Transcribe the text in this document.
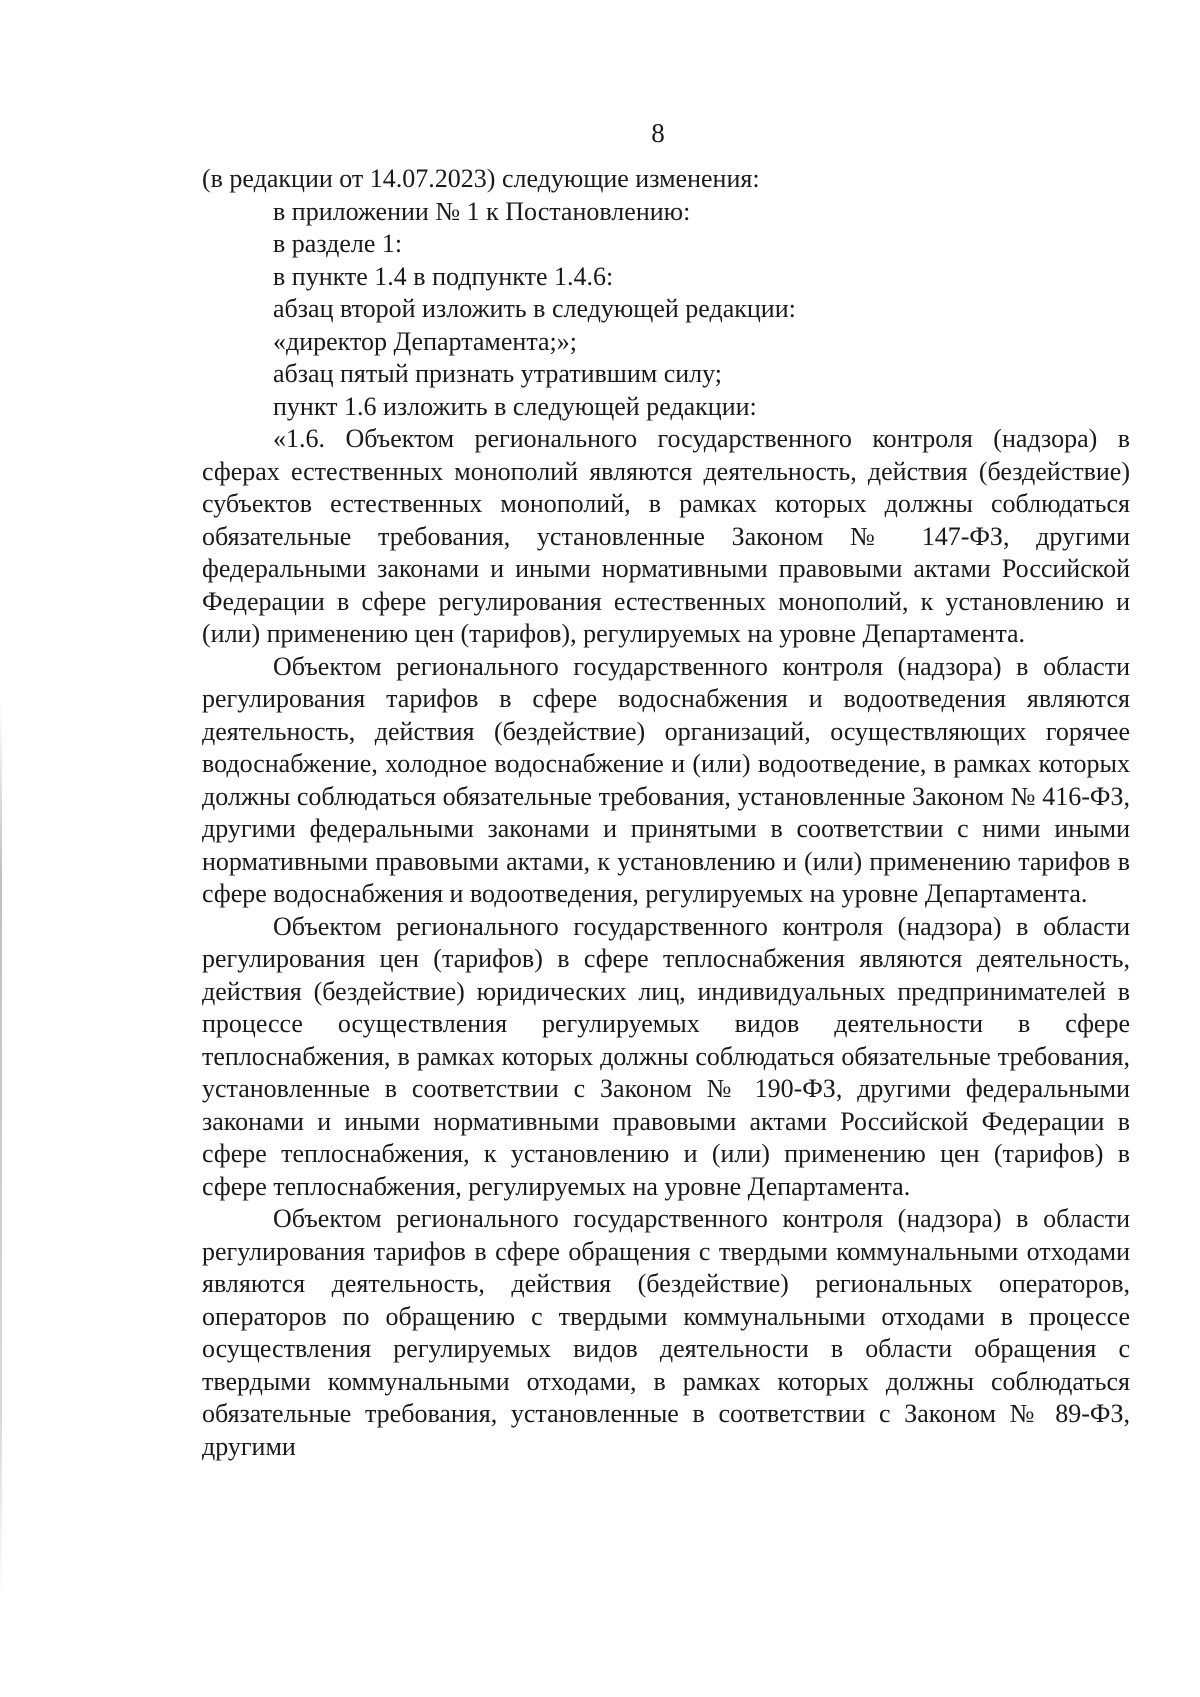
8
(в редакции от 14.07.2023) следующие изменения:
в приложении № 1 к Постановлению:
в разделе 1:
в пункте 1.4 в подпункте 1.4.6:
абзац второй изложить в следующей редакции:
«директор Департамента;»;
абзац пятый признать утратившим силу;
пункт 1.6 изложить в следующей редакции:
«1.6. Объектом регионального государственного контроля (надзора) в сферах естественных монополий являются деятельность, действия (бездействие) субъектов естественных монополий, в рамках которых должны соблюдаться обязательные требования, установленные Законом № 147-ФЗ, другими федеральными законами и иными нормативными правовыми актами Российской Федерации в сфере регулирования естественных монополий, к установлению и (или) применению цен (тарифов), регулируемых на уровне Департамента.
Объектом регионального государственного контроля (надзора) в области регулирования тарифов в сфере водоснабжения и водоотведения являются деятельность, действия (бездействие) организаций, осуществляющих горячее водоснабжение, холодное водоснабжение и (или) водоотведение, в рамках которых должны соблюдаться обязательные требования, установленные Законом № 416-ФЗ, другими федеральными законами и принятыми в соответствии с ними иными нормативными правовыми актами, к установлению и (или) применению тарифов в сфере водоснабжения и водоотведения, регулируемых на уровне Департамента.
Объектом регионального государственного контроля (надзора) в области регулирования цен (тарифов) в сфере теплоснабжения являются деятельность, действия (бездействие) юридических лиц, индивидуальных предпринимателей в процессе осуществления регулируемых видов деятельности в сфере теплоснабжения, в рамках которых должны соблюдаться обязательные требования, установленные в соответствии с Законом № 190-ФЗ, другими федеральными законами и иными нормативными правовыми актами Российской Федерации в сфере теплоснабжения, к установлению и (или) применению цен (тарифов) в сфере теплоснабжения, регулируемых на уровне Департамента.
Объектом регионального государственного контроля (надзора) в области регулирования тарифов в сфере обращения с твердыми коммунальными отходами являются деятельность, действия (бездействие) региональных операторов, операторов по обращению с твердыми коммунальными отходами в процессе осуществления регулируемых видов деятельности в области обращения с твердыми коммунальными отходами, в рамках которых должны соблюдаться обязательные требования, установленные в соответствии с Законом № 89-ФЗ, другими
